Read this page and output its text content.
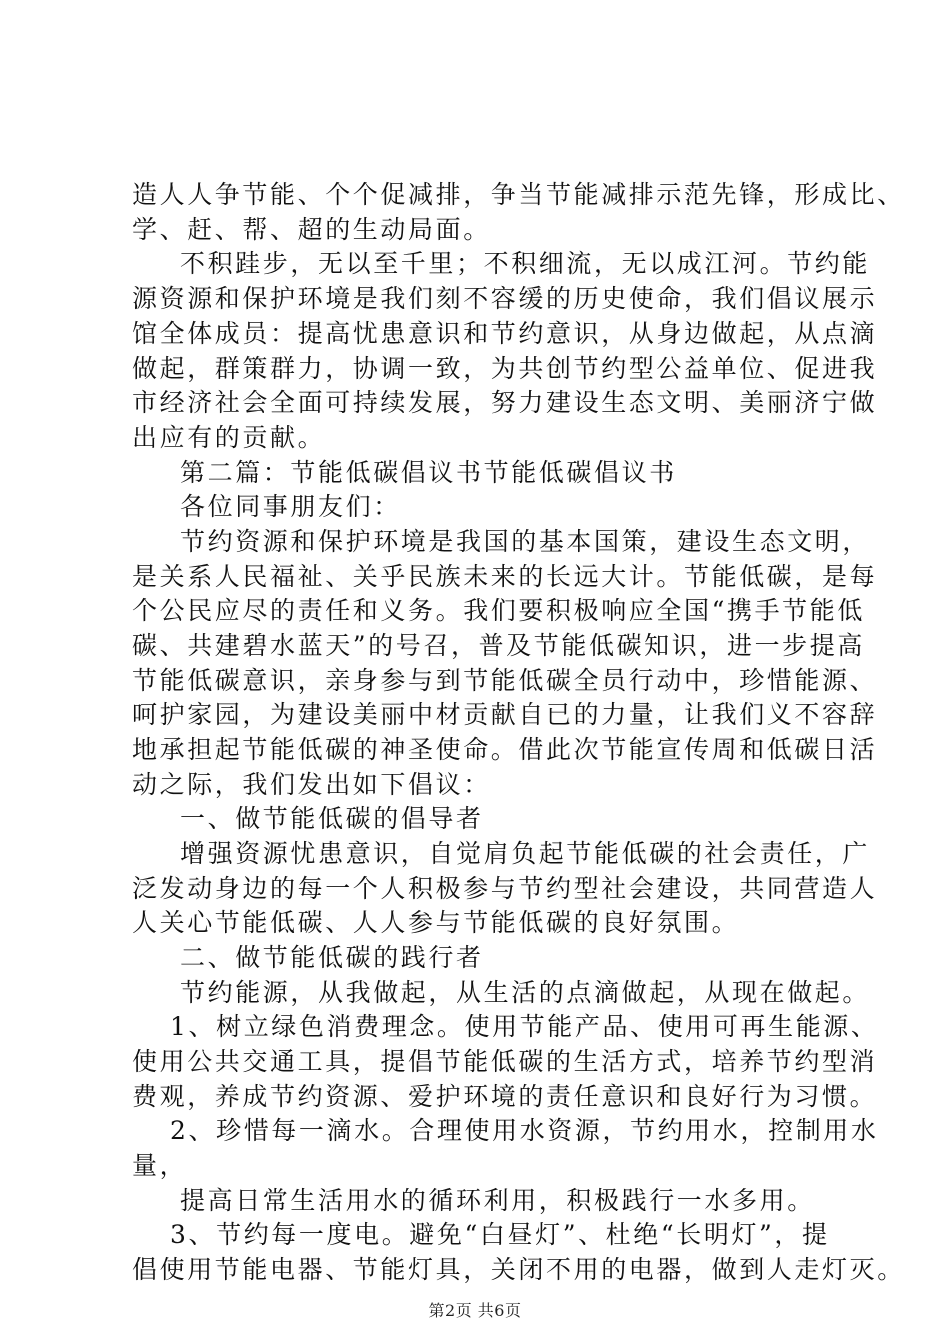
造人人争节能、个个促减排，争当节能减排示范先锋，形成比、
学、赶、帮、超的生动局面。
不积跬步，无以至千里；不积细流，无以成江河。节约能
源资源和保护环境是我们刻不容缓的历史使命，我们倡议展示
馆全体成员：提高忧患意识和节约意识，从身边做起，从点滴
做起，群策群力，协调一致，为共创节约型公益单位、促进我
市经济社会全面可持续发展，努力建设生态文明、美丽济宁做
出应有的贡献。
第二篇：节能低碳倡议书节能低碳倡议书
各位同事朋友们：
节约资源和保护环境是我国的基本国策，建设生态文明，
是关系人民福祉、关乎民族未来的长远大计。节能低碳，是每
个公民应尽的责任和义务。我们要积极响应全国“携手节能低
碳、共建碧水蓝天”的号召，普及节能低碳知识，进一步提高
节能低碳意识，亲身参与到节能低碳全员行动中，珍惜能源、
呵护家园，为建设美丽中材贡献自已的力量，让我们义不容辞
地承担起节能低碳的神圣使命。借此次节能宣传周和低碳日活
动之际，我们发出如下倡议：
一、做节能低碳的倡导者
增强资源忧患意识，自觉肩负起节能低碳的社会责任，广
泛发动身边的每一个人积极参与节约型社会建设，共同营造人
人关心节能低碳、人人参与节能低碳的良好氛围。
二、做节能低碳的践行者
节约能源，从我做起，从生活的点滴做起，从现在做起。
1、树立绿色消费理念。使用节能产品、使用可再生能源、
使用公共交通工具，提倡节能低碳的生活方式，培养节约型消
费观，养成节约资源、爱护环境的责任意识和良好行为习惯。
2、珍惜每一滴水。合理使用水资源，节约用水，控制用水
量，
提高日常生活用水的循环利用，积极践行一水多用。
3、节约每一度电。避免“白昼灯”、杜绝“长明灯”，提
倡使用节能电器、节能灯具，关闭不用的电器，做到人走灯灭。
第2页 共6页
